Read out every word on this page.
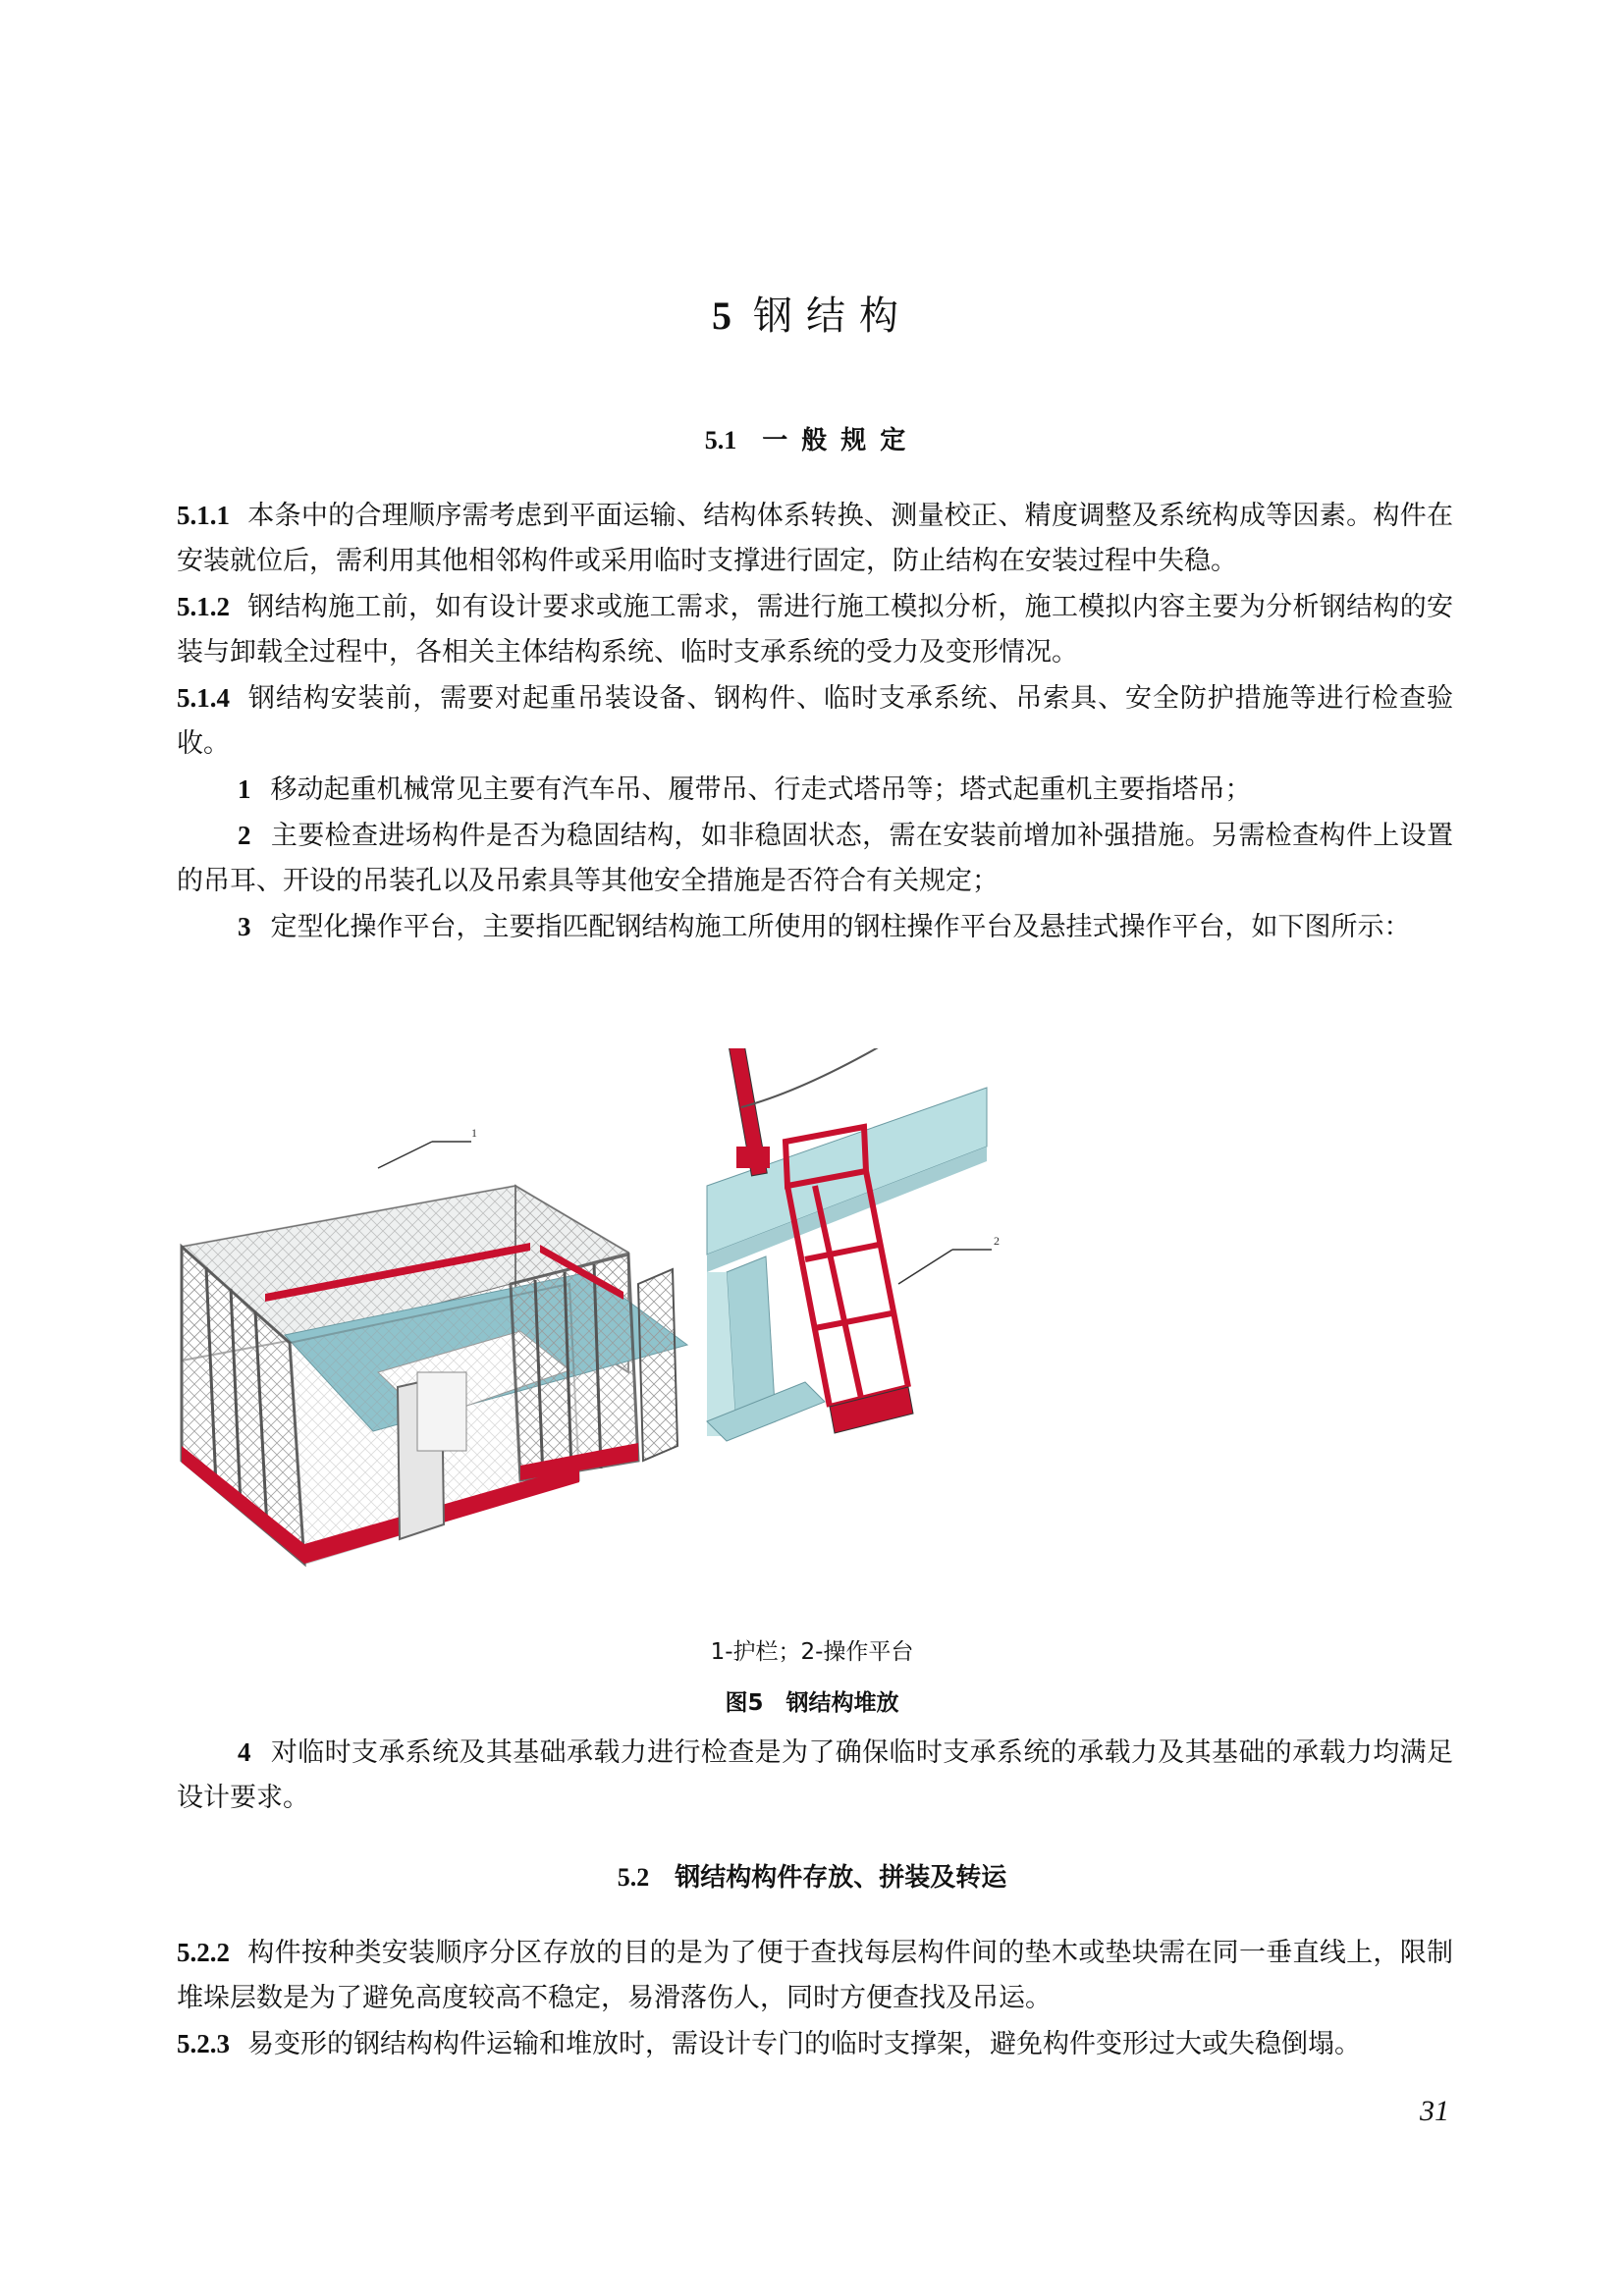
5 钢结构
5.1 一般规定

5.1.1 本条中的合理顺序需考虑到平面运输、结构体系转换、测量校正、精度调整及系统构成等因素。构件在安装就位后，需利用其他相邻构件或采用临时支撑进行固定，防止结构在安装过程中失稳。

5.1.2 钢结构施工前，如有设计要求或施工需求，需进行施工模拟分析，施工模拟内容主要为分析钢结构的安装与卸载全过程中，各相关主体结构系统、临时支承系统的受力及变形情况。

5.1.4 钢结构安装前，需要对起重吊装设备、钢构件、临时支承系统、吊索具、安全防护措施等进行检查验收。

1 移动起重机械常见主要有汽车吊、履带吊、行走式塔吊等；塔式起重机主要指塔吊；

2 主要检查进场构件是否为稳固结构，如非稳固状态，需在安装前增加补强措施。另需检查构件上设置的吊耳、开设的吊装孔以及吊索具等其他安全措施是否符合有关规定；

3 定型化操作平台，主要指匹配钢结构施工所使用的钢柱操作平台及悬挂式操作平台，如下图所示：

1
2
1-护栏；2-操作平台
图5　钢结构堆放

4 对临时支承系统及其基础承载力进行检查是为了确保临时支承系统的承载力及其基础的承载力均满足设计要求。

5.2 钢结构构件存放、拼装及转运

5.2.2 构件按种类安装顺序分区存放的目的是为了便于查找每层构件间的垫木或垫块需在同一垂直线上，限制堆垛层数是为了避免高度较高不稳定，易滑落伤人，同时方便查找及吊运。

5.2.3 易变形的钢结构构件运输和堆放时，需设计专门的临时支撑架，避免构件变形过大或失稳倒塌。

31
